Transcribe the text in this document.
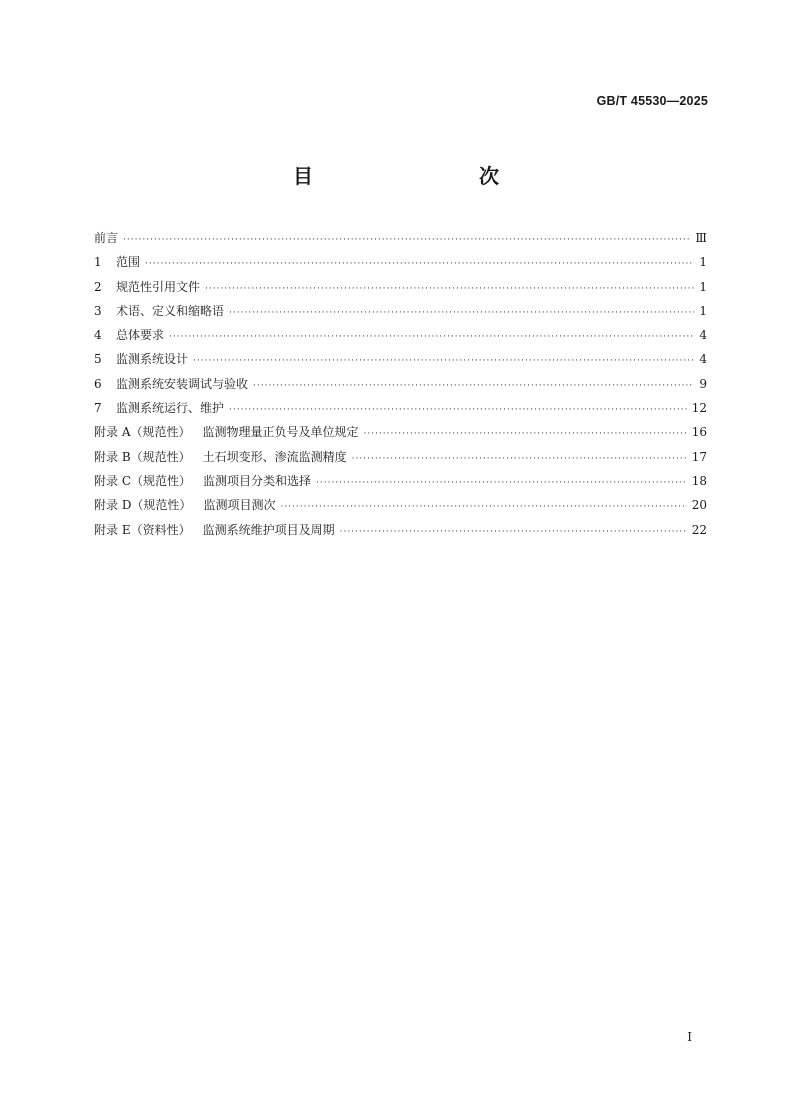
GB/T 45530—2025
目　　次
前言 ·····	Ⅲ
1	范围 ·····	1
2	规范性引用文件 ·····	1
3	术语、定义和缩略语 ·····	1
4	总体要求 ·····	4
5	监测系统设计 ·····	4
6	监测系统安装调试与验收 ·····	9
7	监测系统运行、维护 ·····	12
附录 A（规范性） 监测物理量正负号及单位规定 ·····	16
附录 B（规范性） 土石坝变形、渗流监测精度 ·····	17
附录 C（规范性） 监测项目分类和选择 ·····	18
附录 D（规范性） 监测项目测次 ·····	20
附录 E（资料性） 监测系统维护项目及周期 ·····	22
Ⅰ
